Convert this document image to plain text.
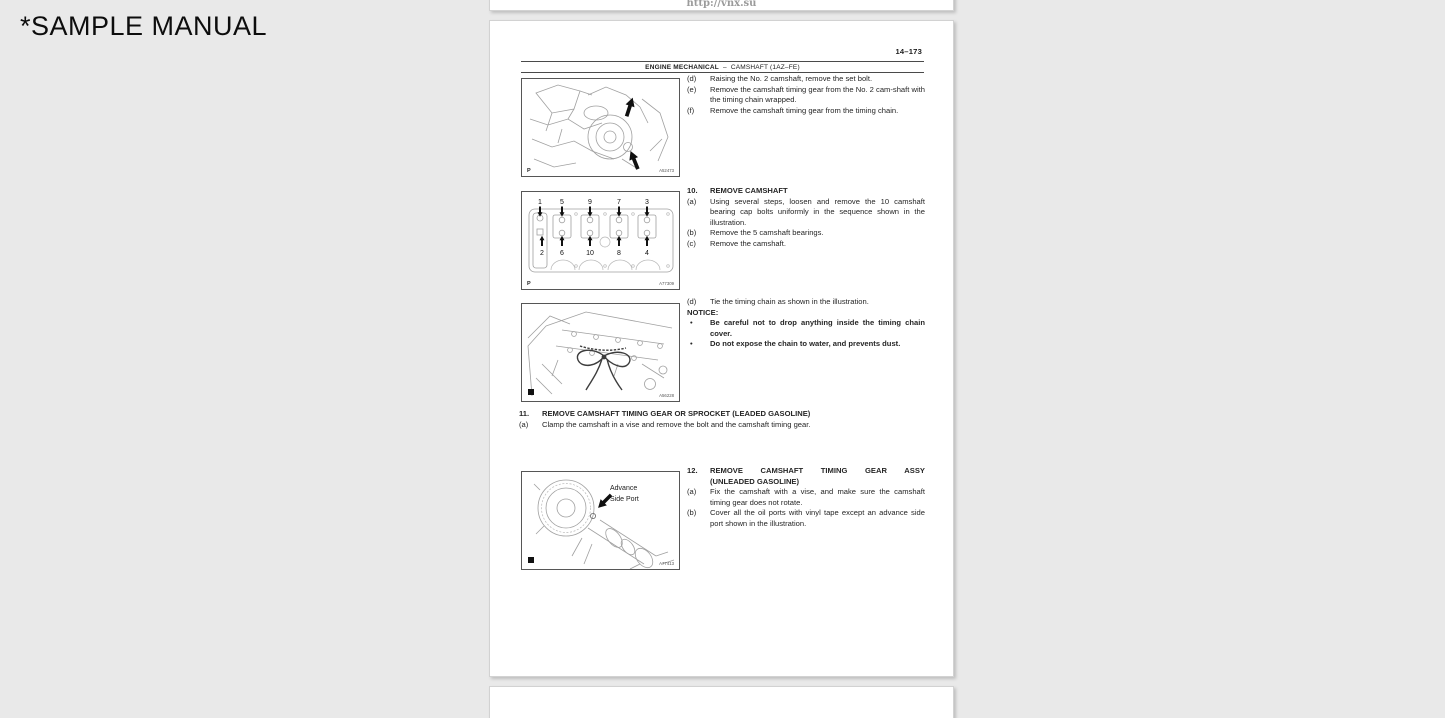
*SAMPLE MANUAL
http://vnx.su
14–173
ENGINE MECHANICAL – CAMSHAFT (1AZ–FE)
P	A52473
1	5	9	7	3
2 6	10	8	4
P	A77309
A56228
Advance
Side Port
A77413
(d)	Raising the No. 2 camshaft, remove the set bolt.
(e)	Remove the camshaft timing gear from the No. 2 cam-shaft with the timing chain wrapped.
(f)	Remove the camshaft timing gear from the timing chain.
10.	REMOVE CAMSHAFT
(a)	Using several steps, loosen and remove the 10 camshaft bearing cap bolts uniformly in the sequence shown in the illustration.
(b)	Remove the 5 camshaft bearings.
(c)	Remove the camshaft.
(d)	Tie the timing chain as shown in the illustration.
NOTICE:
•	Be careful not to drop anything inside the timing chain cover.
•	Do not expose the chain to water, and prevents dust.
11.	REMOVE CAMSHAFT TIMING GEAR OR SPROCKET (LEADED GASOLINE)
(a)	Clamp the camshaft in a vise and remove the bolt and the camshaft timing gear.
12.	REMOVE CAMSHAFT TIMING GEAR ASSY
(UNLEADED GASOLINE)
(a)	Fix the camshaft with a vise, and make sure the camshaft timing gear does not rotate.
(b)	Cover all the oil ports with vinyl tape except an advance side port shown in the illustration.
